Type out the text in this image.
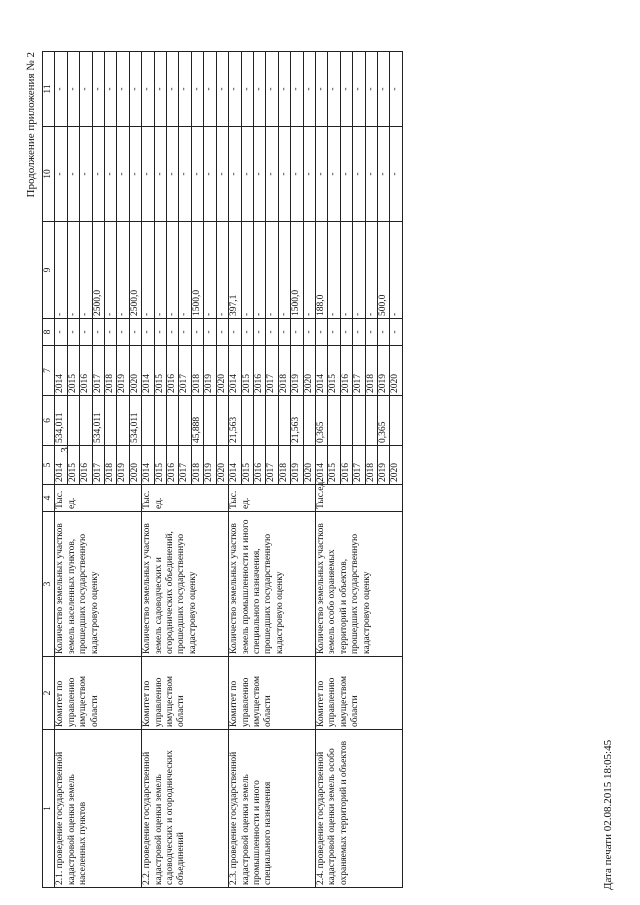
3
Продолжение приложения № 2
1	2	3	4	5	6	7	8	9	10	11
2.1. проведение государственной кадастровой оценки земель населенных пунктов	Комитет по управлению имуществом области	Количество земельных участков земель населенных пунктов, прошедших государственную кадастровую оценку	Тыс. ед.	2014	534,011	2014	-	-	-	-
				2015		2015	-	-	-	-
				2016		2016	-	-	-	-
				2017	534,011	2017	-	2500,0	-	-
				2018		2018	-	-	-	-
				2019		2019	-	-	-	-
				2020	534,011	2020	-	2500,0	-	-
2.2. проведение государственной кадастровой оценки земель садоводческих и огороднических объединений	Комитет по управлению имуществом области	Количество земельных участков земель садоводческих и огороднических объединений, прошедших государственную кадастровую оценку	Тыс. ед.	2014		2014	-	-	-	-
				2015		2015	-	-	-	-
				2016		2016	-	-	-	-
				2017		2017	-	-	-	-
				2018	45,888	2018	-	1500,0	-	-
				2019		2019	-	-	-	-
				2020		2020	-	-	-	-
2.3. проведение государственной кадастровой оценки земель промышленности и иного специального назначения	Комитет по управлению имуществом области	Количество земельных участков земель промышленности и иного специального назначения, прошедших государственную кадастровую оценку	Тыс. ед.	2014	21,563	2014	-	397,1	-	-
				2015		2015	-	-	-	-
				2016		2016	-	-	-	-
				2017		2017	-	-	-	-
				2018		2018	-	-	-	-
				2019	21,563	2019	-	1500,0	-	-
				2020		2020	-	-	-	-
2.4. проведение государственной кадастровой оценки земель особо охраняемых территорий и объектов	Комитет по управлению имуществом области	Количество земельных участков земель особо охраняемых территорий и объектов, прошедших государственную кадастровую оценку	Тыс.ед.	2014	0,365	2014	-	188,0	-	-
				2015		2015	-	-	-	-
				2016		2016	-	-	-	-
				2017		2017	-	-	-	-
				2018		2018	-	-	-	-
				2019	0,365	2019	-	500,0	-	-
				2020		2020	-	-	-	-
Дата печати 02.08.2015 18:05:45
